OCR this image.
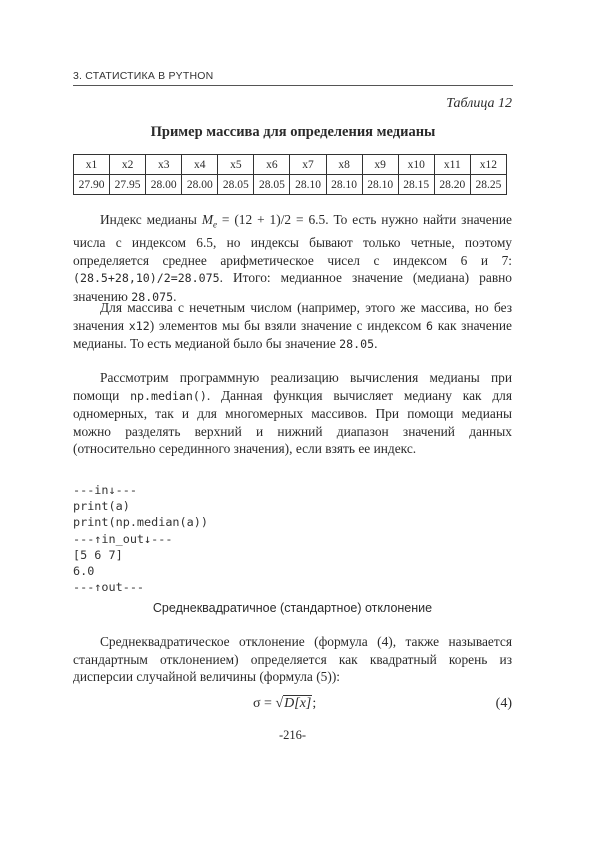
3. СТАТИСТИКА В PYTHON
Таблица 12
Пример массива для определения медианы
x1	x2	x3	x4	x5	x6	x7	x8	x9	x10	x11	x12
27.90	27.95	28.00	28.00	28.05	28.05	28.10	28.10	28.10	28.15	28.20	28.25

Индекс медианы $M_e = (12 + 1)/2 = 6.5$. То есть нужно найти значение числа с индексом 6.5, но индексы бывают только четные, поэтому определяется среднее арифметическое чисел с индексом 6 и 7: (28.5+28,10)/2=28.075. Итого: медианное значение (медиана) равно значению 28.075.

Для массива с нечетным числом (например, этого же массива, но без значения x12) элементов мы бы взяли значение с индексом 6 как значение медианы. То есть медианой было бы значение 28.05.

Рассмотрим программную реализацию вычисления медианы при помощи np.median(). Данная функция вычисляет медиану как для одномерных, так и для многомерных массивов. При помощи медианы можно разделять верхний и нижний диапазон значений данных (относительно серединного значения), если взять ее индекс.

---in↓---
print(a)
print(np.median(a))
---↑in_out↓---
[5 6 7]
6.0
---↑out---
Среднеквадратичное (стандартное) отклонение

Среднеквадратическое отклонение (формула (4), также называется стандартным отклонением) определяется как квадратный корень из дисперсии случайной величины (формула (5)):

σ = √D[x];	(4)
-216-
